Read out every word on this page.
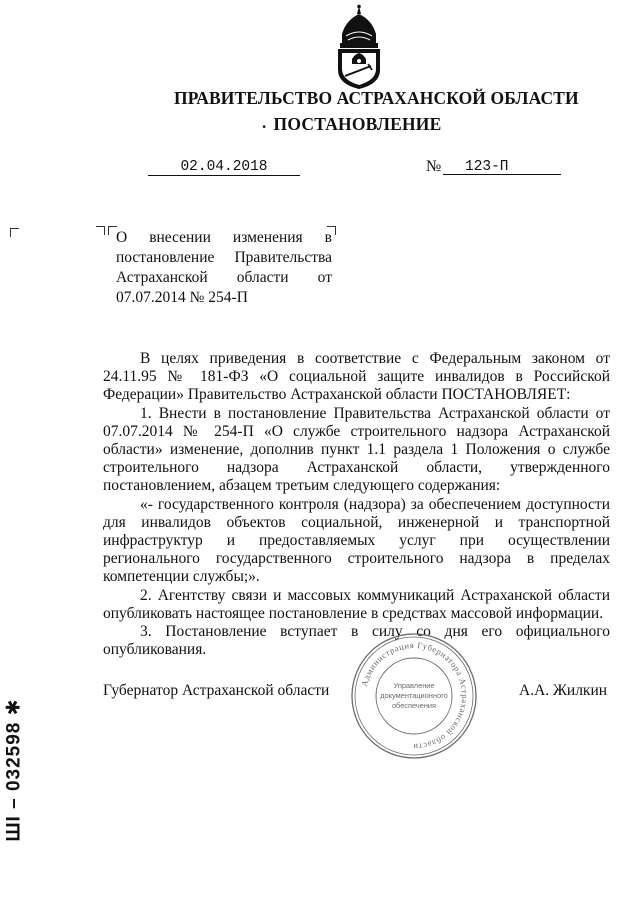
ПРАВИТЕЛЬСТВО АСТРАХАНСКОЙ ОБЛАСТИ
. ПОСТАНОВЛЕНИЕ
02.04.2018	№	123-П
О внесении изменения в постановление Правительства Астраханской области от 07.07.2014 № 254-П

В целях приведения в соответствие с Федеральным законом от 24.11.95 № 181-ФЗ «О социальной защите инвалидов в Российской Федерации» Правительство Астраханской области ПОСТАНОВЛЯЕТ:

1. Внести в постановление Правительства Астраханской области от 07.07.2014 № 254-П «О службе строительного надзора Астраханской области» изменение, дополнив пункт 1.1 раздела 1 Положения о службе строительного надзора Астраханской области, утвержденного постановлением, абзацем третьим следующего содержания:

«- государственного контроля (надзора) за обеспечением доступности для инвалидов объектов социальной, инженерной и транспортной инфраструктур и предоставляемых услуг при осуществлении регионального государственного строительного надзора в пределах компетенции службы;».

2. Агентству связи и массовых коммуникаций Астраханской области опубликовать настоящее постановление в средствах массовой информации.

3. Постановление вступает в силу со дня его официального опубликования.

Губернатор Астраханской области	А.А. Жилкин
Администрация Губернатора Астраханской области
Управление
документационного
обеспечения
ШI – 032598 ✱
